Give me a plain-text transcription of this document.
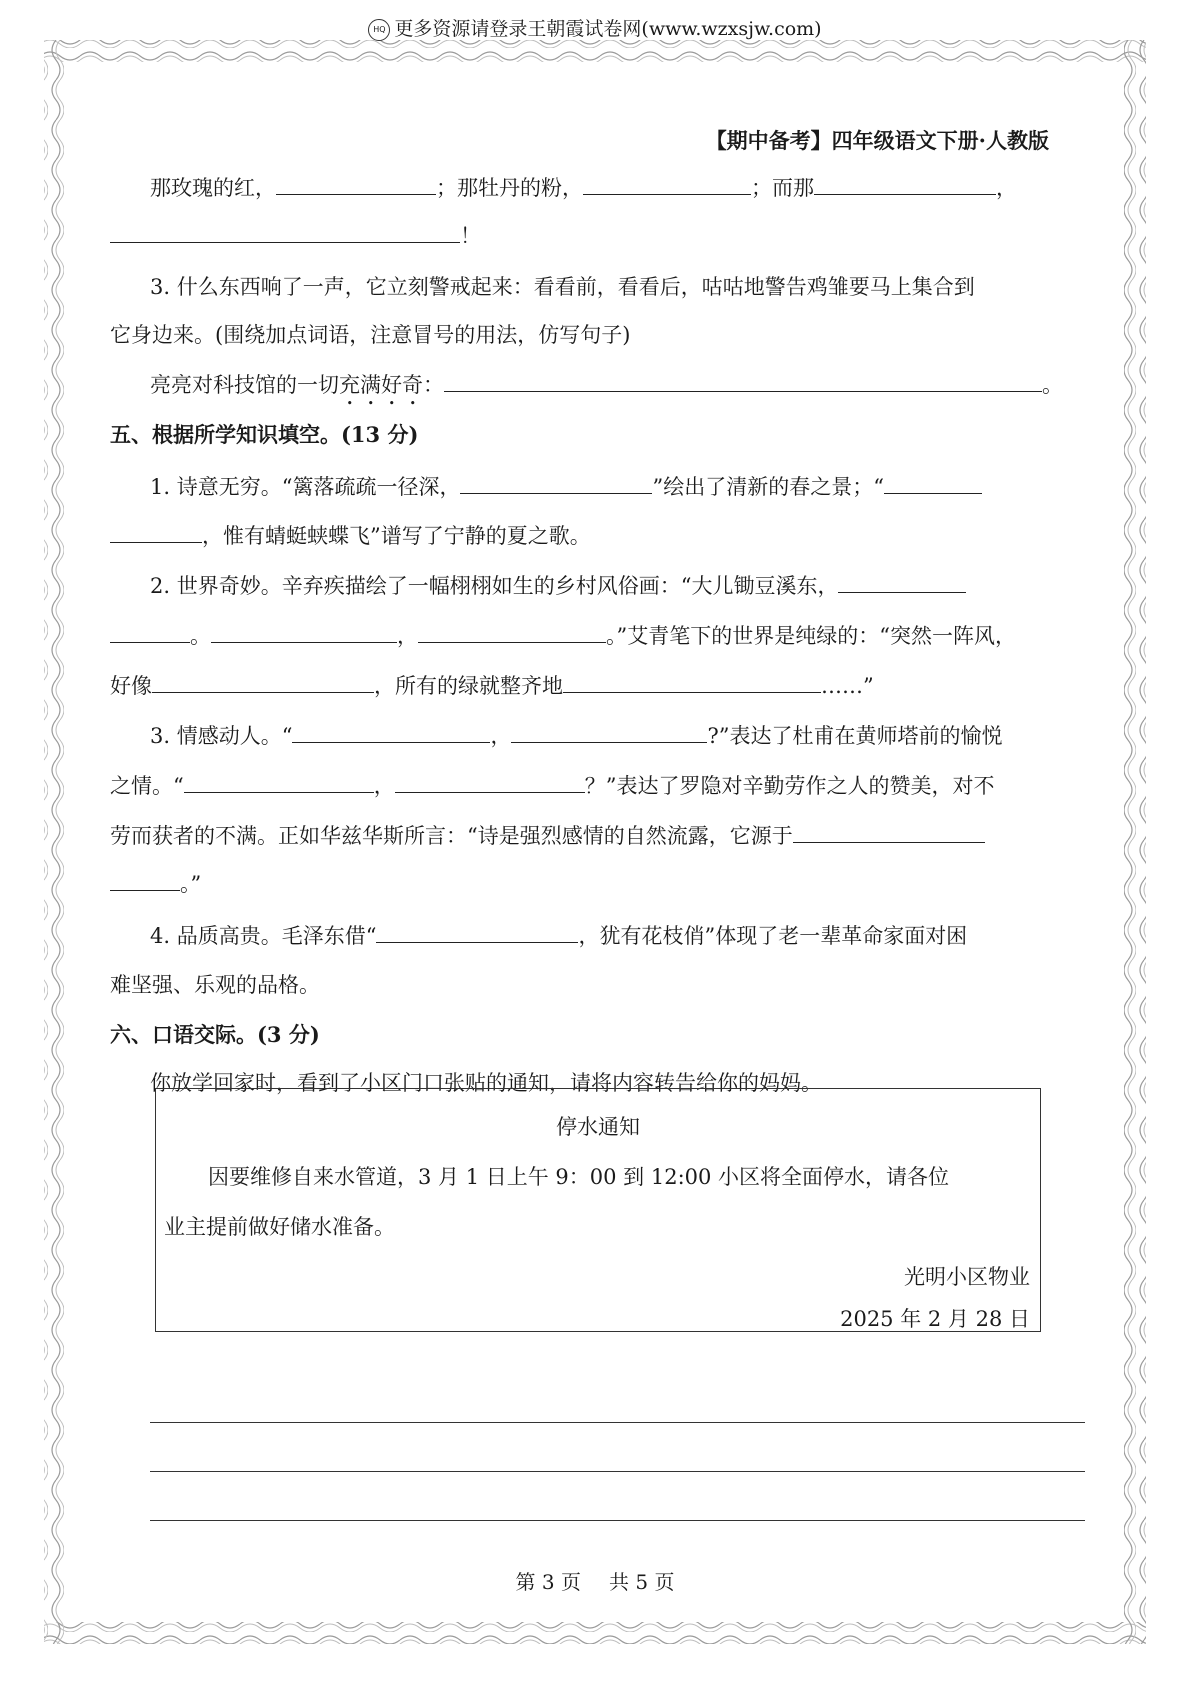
HQ 更多资源请登录王朝霞试卷网(www.wzxsjw.com)
【期中备考】四年级语文下册·人教版
那玫瑰的红，	；那牡丹的粉，	；而那	，
！
3. 什么东西响了一声，它立刻警戒起来：看看前，看看后，咕咕地警告鸡雏要马上集合到
它身边来。(围绕加点词语，注意冒号的用法，仿写句子)
亮亮对科技馆的一切充满好奇：	。
五、根据所学知识填空。(13 分)
1. 诗意无穷。“篱落疏疏一径深，	”绘出了清新的春之景；“
，惟有蜻蜓蛱蝶飞”谱写了宁静的夏之歌。
2. 世界奇妙。辛弃疾描绘了一幅栩栩如生的乡村风俗画：“大儿锄豆溪东，
。	，	。”艾青笔下的世界是纯绿的：“突然一阵风，
好像	，所有的绿就整齐地	……”
3. 情感动人。“	，	?”表达了杜甫在黄师塔前的愉悦
之情。“	，	？”表达了罗隐对辛勤劳作之人的赞美，对不
劳而获者的不满。正如华兹华斯所言：“诗是强烈感情的自然流露，它源于
。”
4. 品质高贵。毛泽东借“	，犹有花枝俏”体现了老一辈革命家面对困
难坚强、乐观的品格。
六、口语交际。(3 分)
你放学回家时，看到了小区门口张贴的通知，请将内容转告给你的妈妈。
停水通知
因要维修自来水管道，3 月 1 日上午 9：00 到 12:00 小区将全面停水，请各位
业主提前做好储水准备。
光明小区物业
2025 年 2 月 28 日
第 3 页 共 5 页
